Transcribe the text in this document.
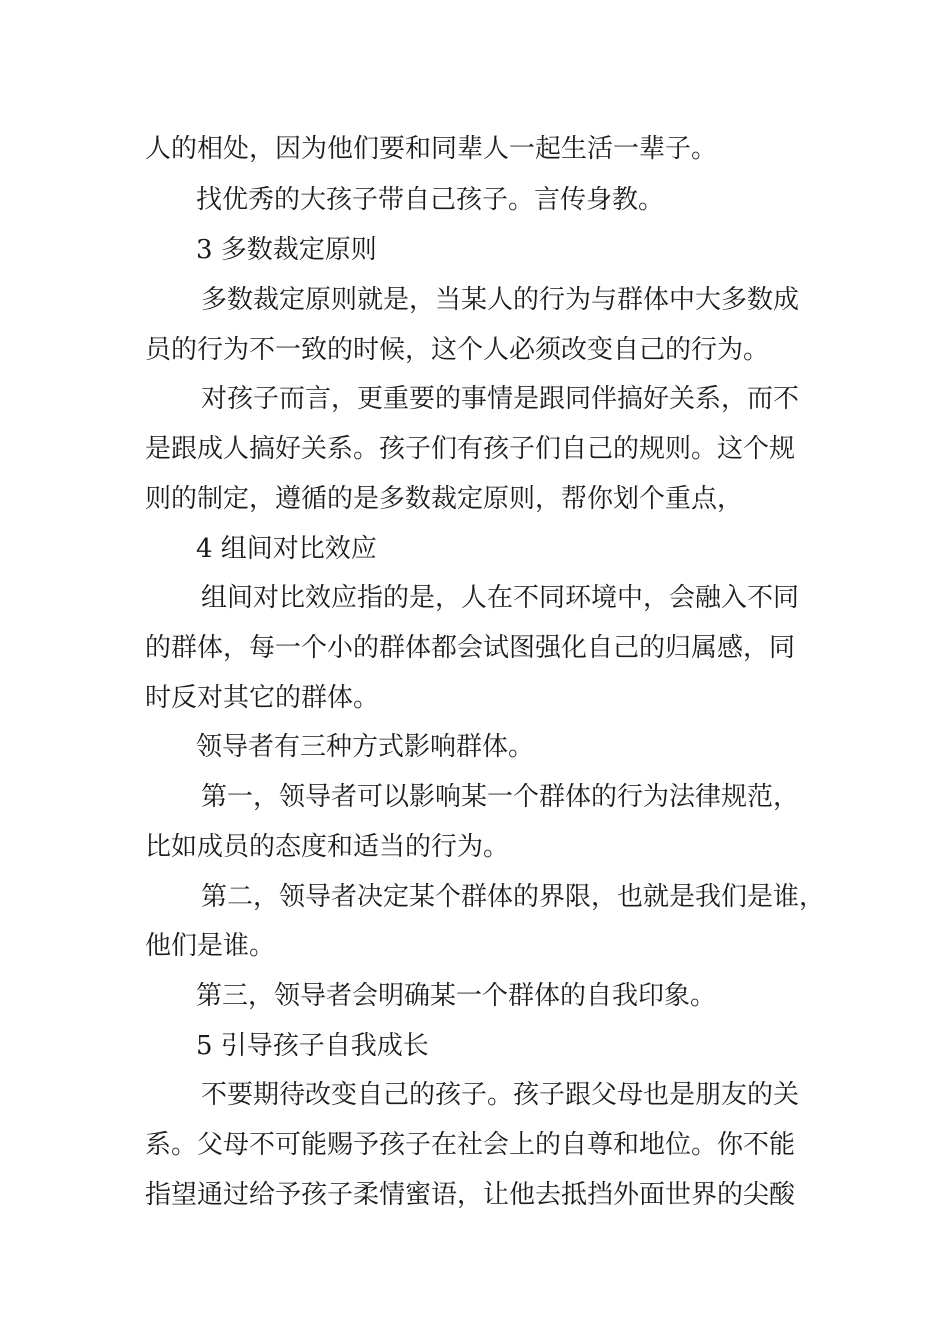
人的相处，因为他们要和同辈人一起生活一辈子。
找优秀的大孩子带自己孩子。言传身教。
3 多数裁定原则
多数裁定原则就是，当某人的行为与群体中大多数成
员的行为不一致的时候，这个人必须改变自己的行为。
对孩子而言，更重要的事情是跟同伴搞好关系，而不
是跟成人搞好关系。孩子们有孩子们自己的规则。这个规
则的制定，遵循的是多数裁定原则，帮你划个重点，
4 组间对比效应
组间对比效应指的是，人在不同环境中，会融入不同
的群体，每一个小的群体都会试图强化自己的归属感，同
时反对其它的群体。
领导者有三种方式影响群体。
第一，领导者可以影响某一个群体的行为法律规范，
比如成员的态度和适当的行为。
第二，领导者决定某个群体的界限，也就是我们是谁，
他们是谁。
第三，领导者会明确某一个群体的自我印象。
5 引导孩子自我成长
不要期待改变自己的孩子。孩子跟父母也是朋友的关
系。父母不可能赐予孩子在社会上的自尊和地位。你不能
指望通过给予孩子柔情蜜语，让他去抵挡外面世界的尖酸
